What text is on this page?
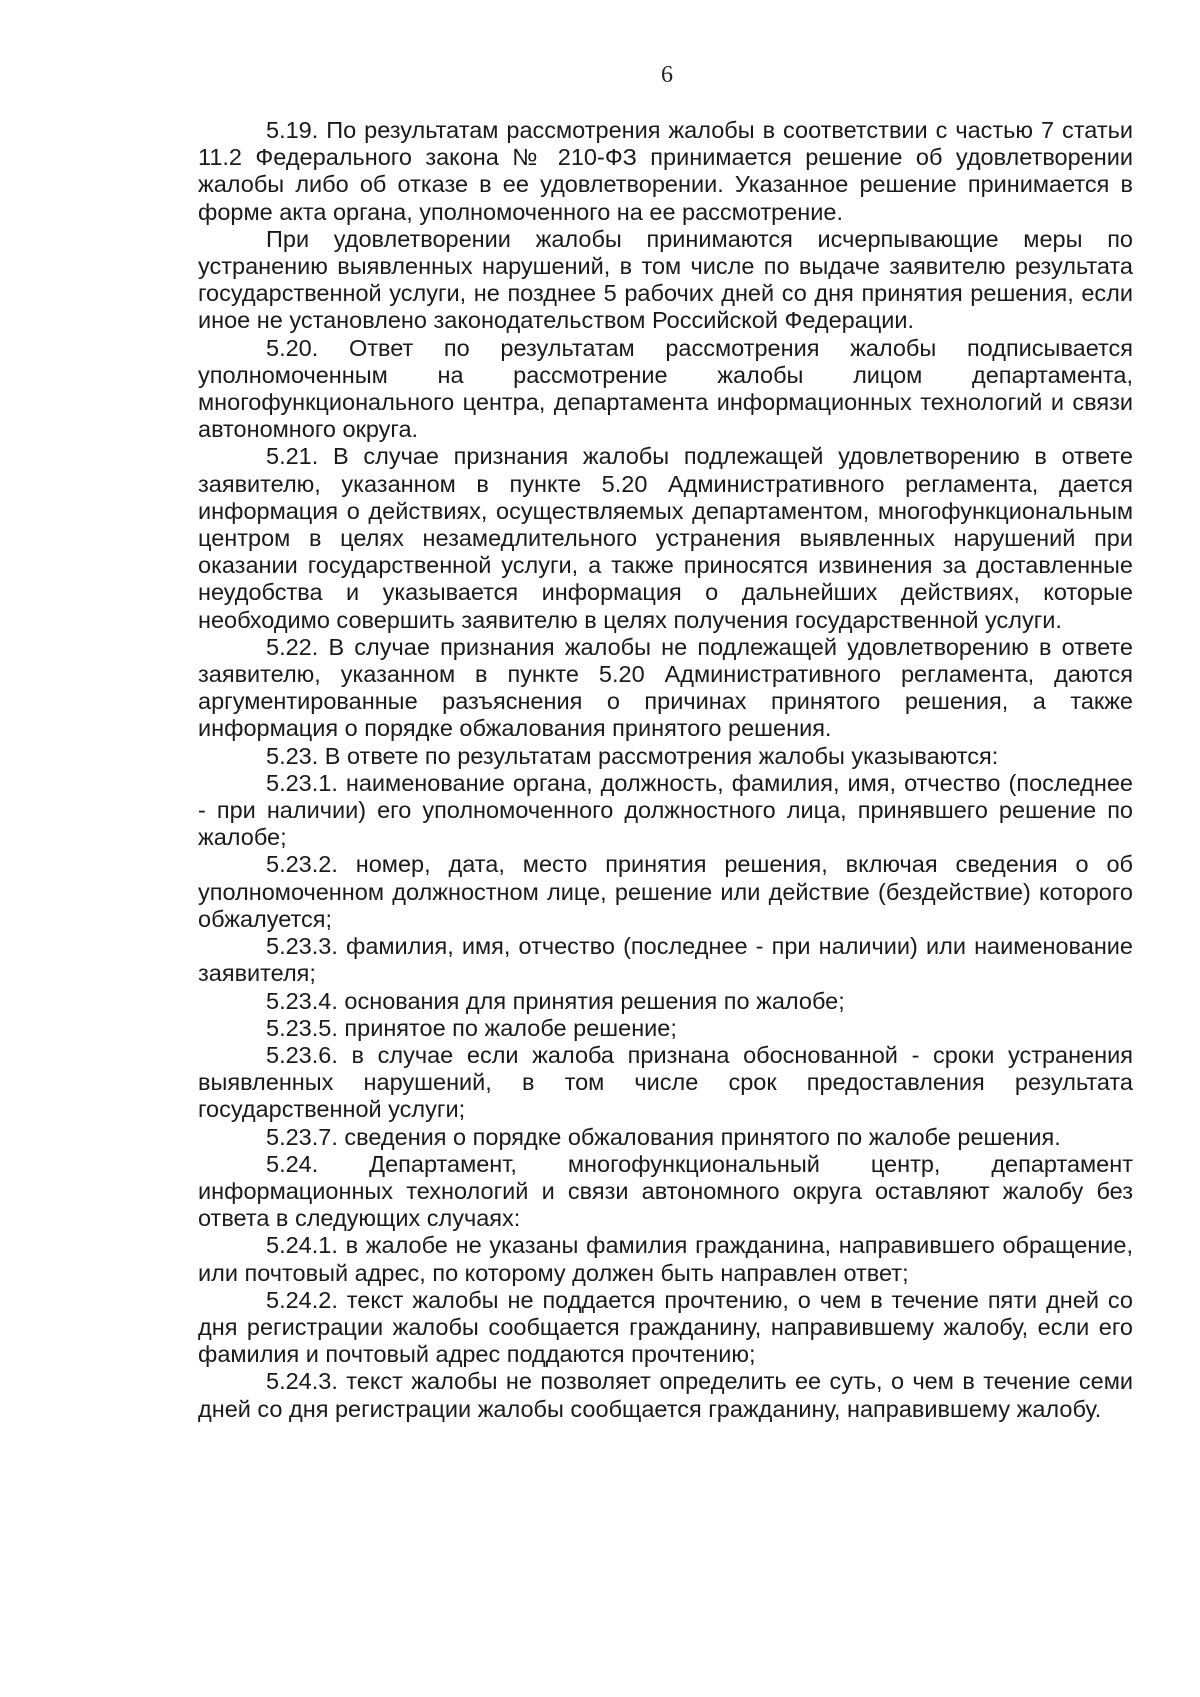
6

5.19. По результатам рассмотрения жалобы в соответствии с частью 7 статьи 11.2 Федерального закона № 210-ФЗ принимается решение об удовлетворении жалобы либо об отказе в ее удовлетворении. Указанное решение принимается в форме акта органа, уполномоченного на ее рассмотрение.

При удовлетворении жалобы принимаются исчерпывающие меры по устранению выявленных нарушений, в том числе по выдаче заявителю результата государственной услуги, не позднее 5 рабочих дней со дня принятия решения, если иное не установлено законодательством Российской Федерации.

5.20. Ответ по результатам рассмотрения жалобы подписывается уполномоченным на рассмотрение жалобы лицом департамента, многофункционального центра, департамента информационных технологий и связи автономного округа.

5.21. В случае признания жалобы подлежащей удовлетворению в ответе заявителю, указанном в пункте 5.20 Административного регламента, дается информация о действиях, осуществляемых департаментом, многофункциональным центром в целях незамедлительного устранения выявленных нарушений при оказании государственной услуги, а также приносятся извинения за доставленные неудобства и указывается информация о дальнейших действиях, которые необходимо совершить заявителю в целях получения государственной услуги.

5.22. В случае признания жалобы не подлежащей удовлетворению в ответе заявителю, указанном в пункте 5.20 Административного регламента, даются аргументированные разъяснения о причинах принятого решения, а также информация о порядке обжалования принятого решения.

5.23. В ответе по результатам рассмотрения жалобы указываются:

5.23.1. наименование органа, должность, фамилия, имя, отчество (последнее - при наличии) его уполномоченного должностного лица, принявшего решение по жалобе;

5.23.2. номер, дата, место принятия решения, включая сведения о об уполномоченном должностном лице, решение или действие (бездействие) которого обжалуется;

5.23.3. фамилия, имя, отчество (последнее - при наличии) или наименование заявителя;

5.23.4. основания для принятия решения по жалобе;

5.23.5. принятое по жалобе решение;

5.23.6. в случае если жалоба признана обоснованной - сроки устранения выявленных нарушений, в том числе срок предоставления результата государственной услуги;

5.23.7. сведения о порядке обжалования принятого по жалобе решения.

5.24. Департамент, многофункциональный центр, департамент информационных технологий и связи автономного округа оставляют жалобу без ответа в следующих случаях:

5.24.1. в жалобе не указаны фамилия гражданина, направившего обращение, или почтовый адрес, по которому должен быть направлен ответ;

5.24.2. текст жалобы не поддается прочтению, о чем в течение пяти дней со дня регистрации жалобы сообщается гражданину, направившему жалобу, если его фамилия и почтовый адрес поддаются прочтению;

5.24.3. текст жалобы не позволяет определить ее суть, о чем в течение семи дней со дня регистрации жалобы сообщается гражданину, направившему жалобу.
